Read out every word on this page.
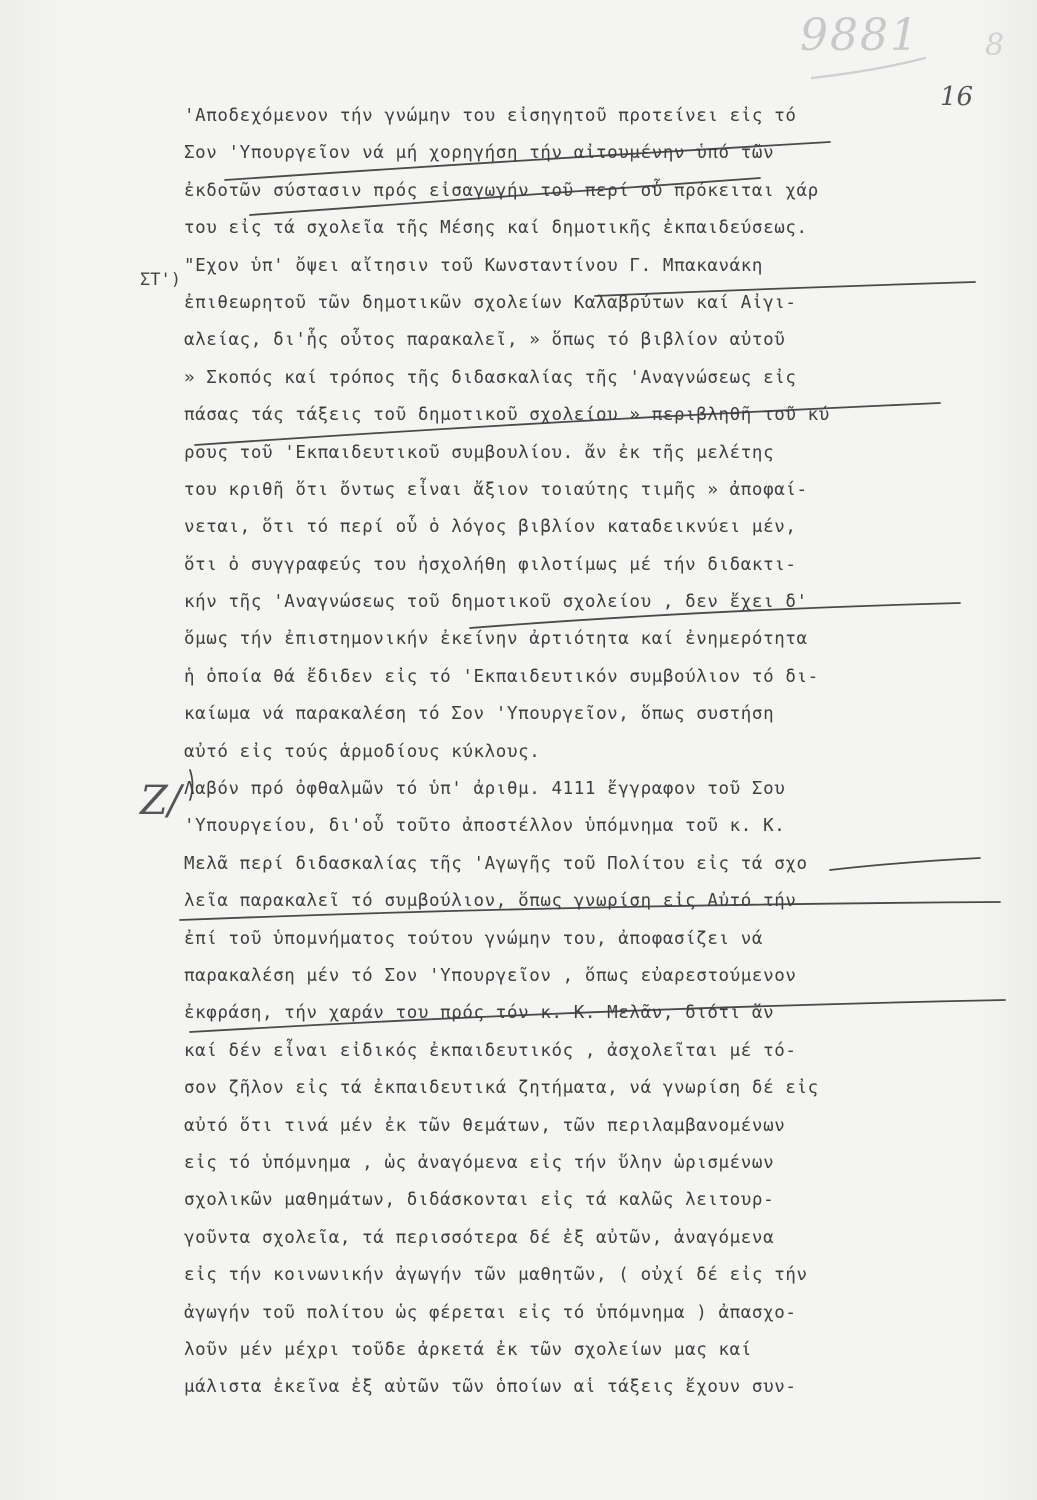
9881 8
16
ΣΤ')
Ζ/
'Αποδεχόμενον τήν γνώμην του εἰσηγητοῦ προτείνει εἰς τό
Σον 'Υπουργεῖον νά μή χορηγήση τήν αἰτουμένην ὑπό τῶν
ἐκδοτῶν σύστασιν πρός εἰσαγωγήν τοῦ περί οὗ πρόκειται χάρ
του εἰς τά σχολεῖα τῆς Μέσης καί δημοτικῆς ἐκπαιδεύσεως.
"Εχον ὑπ' ὄψει αἴτησιν τοῦ Κωνσταντίνου Γ. Μπακανάκη
ἐπιθεωρητοῦ τῶν δημοτικῶν σχολείων Καλαβρύτων καί Αἰγι-
αλείας, δι'ἧς οὗτος παρακαλεῖ, » ὅπως τό βιβλίον αὐτοῦ
» Σκοπός καί τρόπος τῆς διδασκαλίας τῆς 'Αναγνώσεως εἰς
πάσας τάς τάξεις τοῦ δημοτικοῦ σχολείου » περιβληθῆ τοῦ κύ
ρους τοῦ 'Εκπαιδευτικοῦ συμβουλίου. ἄν ἐκ τῆς μελέτης
του κριθῆ ὅτι ὄντως εἶναι ἄξιον τοιαύτης τιμῆς » ἀποφαί-
νεται, ὅτι τό περί οὗ ὁ λόγος βιβλίον καταδεικνύει μέν,
ὅτι ὁ συγγραφεύς του ἠσχολήθη φιλοτίμως μέ τήν διδακτι-
κήν τῆς 'Αναγνώσεως τοῦ δημοτικοῦ σχολείου , δεν ἔχει δ'
ὅμως τήν ἐπιστημονικήν ἐκείνην ἀρτιότητα καί ἐνημερότητα
ἡ ὁποία θά ἔδιδεν εἰς τό 'Εκπαιδευτικόν συμβούλιον τό δι-
καίωμα νά παρακαλέση τό Σον 'Υπουργεῖον, ὅπως συστήση
αὐτό εἰς τούς ἁρμοδίους κύκλους.
Λαβόν πρό ὀφθαλμῶν τό ὑπ' ἀριθμ. 4111 ἔγγραφον τοῦ Σου
'Υπουργείου, δι'οὗ τοῦτο ἀποστέλλον ὑπόμνημα τοῦ κ. Κ.
Μελᾶ περί διδασκαλίας τῆς 'Αγωγῆς τοῦ Πολίτου εἰς τά σχο
λεῖα παρακαλεῖ τό συμβούλιον, ὅπως γνωρίση εἰς Αὐτό τήν
ἐπί τοῦ ὑπομνήματος τούτου γνώμην του, ἀποφασίζει νά
παρακαλέση μέν τό Σον 'Υπουργεῖον , ὅπως εὐαρεστούμενον
ἐκφράση, τήν χαράν του πρός τόν κ. Κ. Μελᾶν, διότι ἄν
καί δέν εἶναι εἰδικός ἐκπαιδευτικός , ἀσχολεῖται μέ τό-
σον ζῆλον εἰς τά ἐκπαιδευτικά ζητήματα, νά γνωρίση δέ εἰς
αὐτό ὅτι τινά μέν ἐκ τῶν θεμάτων, τῶν περιλαμβανομένων
εἰς τό ὑπόμνημα , ὡς ἀναγόμενα εἰς τήν ὕλην ὡρισμένων
σχολικῶν μαθημάτων, διδάσκονται εἰς τά καλῶς λειτουρ-
γοῦντα σχολεῖα, τά περισσότερα δέ ἐξ αὐτῶν, ἀναγόμενα
εἰς τήν κοινωνικήν ἀγωγήν τῶν μαθητῶν, ( οὐχί δέ εἰς τήν
ἀγωγήν τοῦ πολίτου ὡς φέρεται εἰς τό ὑπόμνημα ) ἀπασχο-
λοῦν μέν μέχρι τοῦδε ἀρκετά ἐκ τῶν σχολείων μας καί
μάλιστα ἐκεῖνα ἐξ αὐτῶν τῶν ὁποίων αἱ τάξεις ἔχουν συν-
